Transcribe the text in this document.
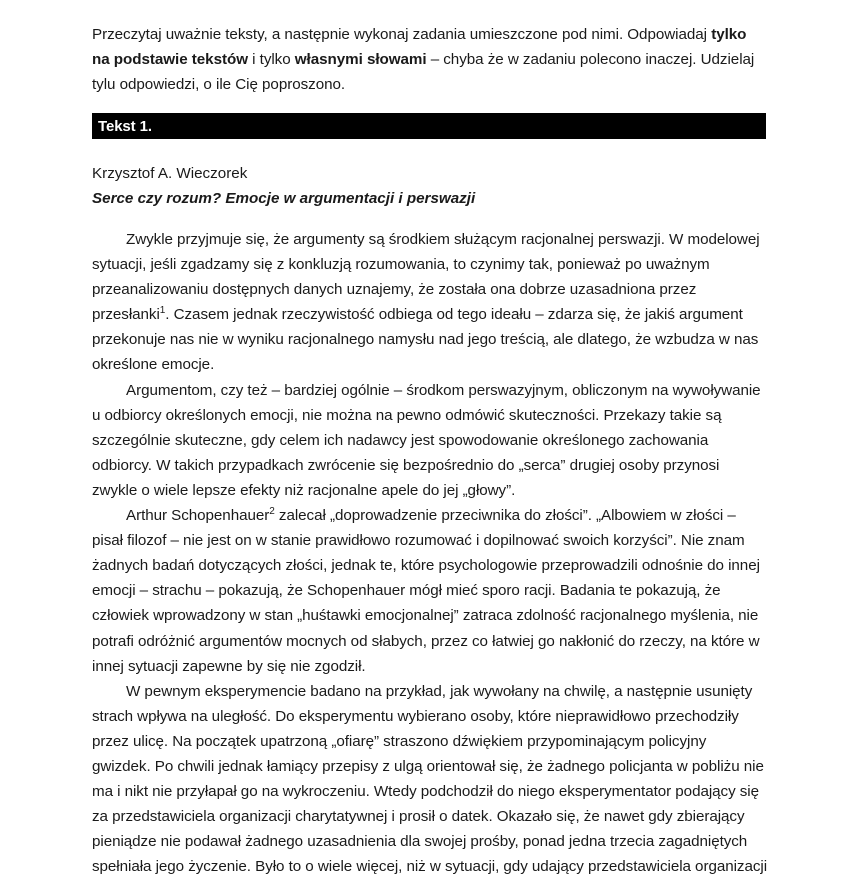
Przeczytaj uważnie teksty, a następnie wykonaj zadania umieszczone pod nimi. Odpowiadaj tylko na podstawie tekstów i tylko własnymi słowami – chyba że w zadaniu polecono inaczej. Udzielaj tylu odpowiedzi, o ile Cię poproszono.

Tekst 1.
Krzysztof A. Wieczorek
Serce czy rozum? Emocje w argumentacji i perswazji

Zwykle przyjmuje się, że argumenty są środkiem służącym racjonalnej perswazji. W modelowej sytuacji, jeśli zgadzamy się z konkluzją rozumowania, to czynimy tak, ponieważ po uważnym przeanalizowaniu dostępnych danych uznajemy, że została ona dobrze uzasadniona przez przesłanki$^1$. Czasem jednak rzeczywistość odbiega od tego ideału – zdarza się, że jakiś argument przekonuje nas nie w wyniku racjonalnego namysłu nad jego treścią, ale dlatego, że wzbudza w nas określone emocje.

Argumentom, czy też – bardziej ogólnie – środkom perswazyjnym, obliczonym na wywoływanie u odbiorcy określonych emocji, nie można na pewno odmówić skuteczności. Przekazy takie są szczególnie skuteczne, gdy celem ich nadawcy jest spowodowanie określonego zachowania odbiorcy. W takich przypadkach zwrócenie się bezpośrednio do „serca” drugiej osoby przynosi zwykle o wiele lepsze efekty niż racjonalne apele do jej „głowy”.

Arthur Schopenhauer$^2$ zalecał „doprowadzenie przeciwnika do złości”. „Albowiem w złości – pisał filozof – nie jest on w stanie prawidłowo rozumować i dopilnować swoich korzyści”. Nie znam żadnych badań dotyczących złości, jednak te, które psychologowie przeprowadzili odnośnie do innej emocji – strachu – pokazują, że Schopenhauer mógł mieć sporo racji. Badania te pokazują, że człowiek wprowadzony w stan „huśtawki emocjonalnej” zatraca zdolność racjonalnego myślenia, nie potrafi odróżnić argumentów mocnych od słabych, przez co łatwiej go nakłonić do rzeczy, na które w innej sytuacji zapewne by się nie zgodził.

W pewnym eksperymencie badano na przykład, jak wywołany na chwilę, a następnie usunięty strach wpływa na uległość. Do eksperymentu wybierano osoby, które nieprawidłowo przechodziły przez ulicę. Na początek upatrzoną „ofiarę” straszono dźwiękiem przypominającym policyjny gwizdek. Po chwili jednak łamiący przepisy z ulgą orientował się, że żadnego policjanta w pobliżu nie ma i nikt nie przyłapał go na wykroczeniu. Wtedy podchodził do niego eksperymentator podający się za przedstawiciela organizacji charytatywnej i prosił o datek. Okazało się, że nawet gdy zbierający pieniądze nie podawał żadnego uzasadnienia dla swojej prośby, ponad jedna trzecia zagadniętych spełniała jego życzenie. Było to o wiele więcej, niż w sytuacji, gdy udający przedstawiciela organizacji
